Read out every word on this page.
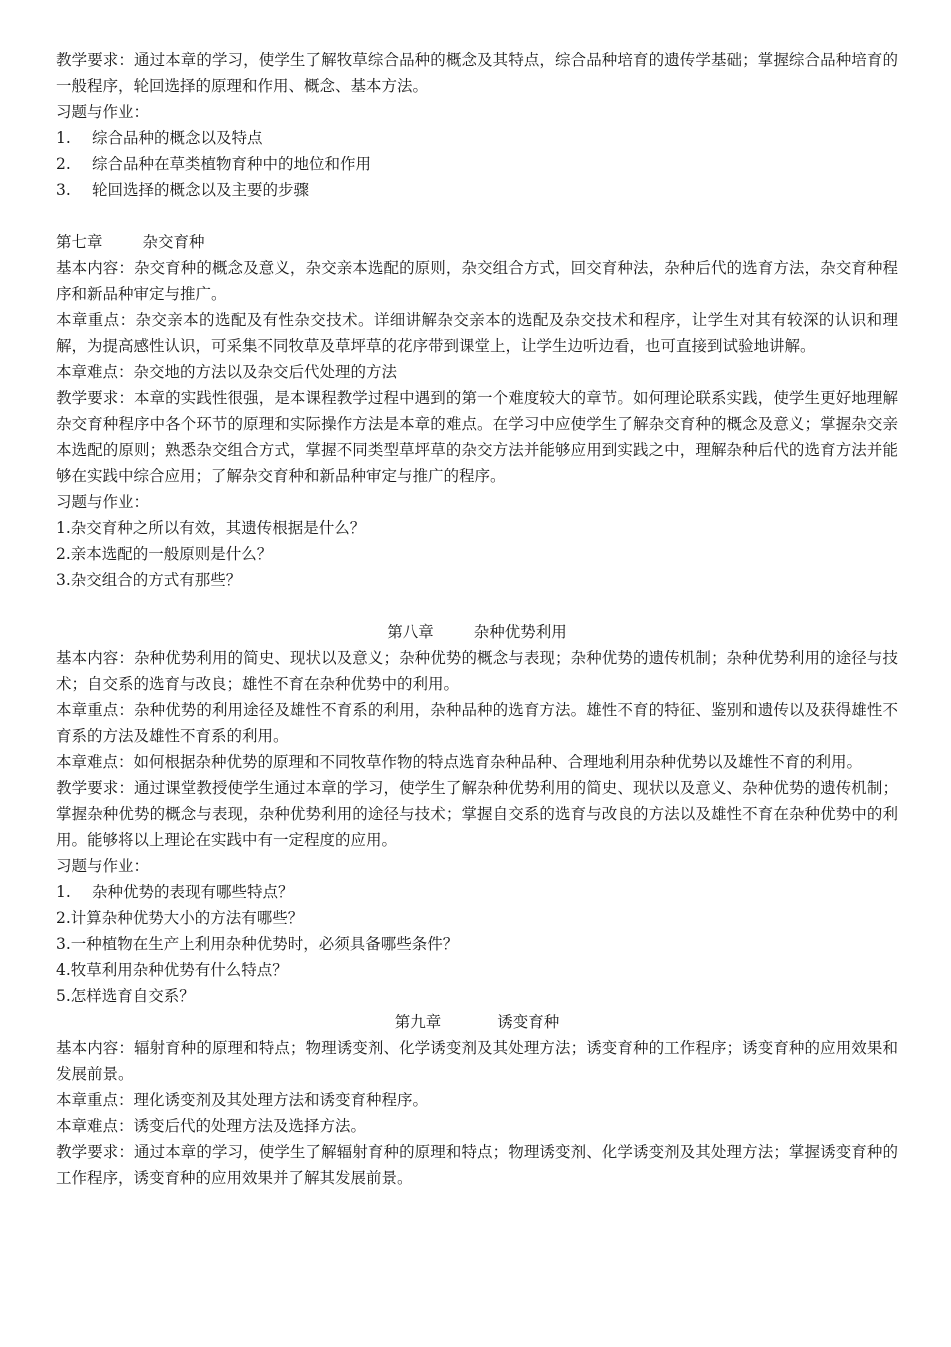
教学要求：通过本章的学习，使学生了解牧草综合品种的概念及其特点，综合品种培育的遗传学基础；掌握综合品种培育的一般程序，轮回选择的原理和作用、概念、基本方法。

习题与作业：

1. 综合品种的概念以及特点

2. 综合品种在草类植物育种中的地位和作用

3. 轮回选择的概念以及主要的步骤

第七章	杂交育种

基本内容：杂交育种的概念及意义，杂交亲本选配的原则，杂交组合方式，回交育种法，杂种后代的选育方法，杂交育种程序和新品种审定与推广。

本章重点：杂交亲本的选配及有性杂交技术。详细讲解杂交亲本的选配及杂交技术和程序，让学生对其有较深的认识和理解，为提高感性认识，可采集不同牧草及草坪草的花序带到课堂上，让学生边听边看，也可直接到试验地讲解。

本章难点：杂交地的方法以及杂交后代处理的方法

教学要求：本章的实践性很强，是本课程教学过程中遇到的第一个难度较大的章节。如何理论联系实践，使学生更好地理解杂交育种程序中各个环节的原理和实际操作方法是本章的难点。在学习中应使学生了解杂交育种的概念及意义；掌握杂交亲本选配的原则；熟悉杂交组合方式，掌握不同类型草坪草的杂交方法并能够应用到实践之中，理解杂种后代的选育方法并能够在实践中综合应用；了解杂交育种和新品种审定与推广的程序。

习题与作业：

1.杂交育种之所以有效，其遗传根据是什么？

2.亲本选配的一般原则是什么？

3.杂交组合的方式有那些？

第八章	杂种优势利用

基本内容：杂种优势利用的简史、现状以及意义；杂种优势的概念与表现；杂种优势的遗传机制；杂种优势利用的途径与技术；自交系的选育与改良；雄性不育在杂种优势中的利用。

本章重点：杂种优势的利用途径及雄性不育系的利用，杂种品种的选育方法。雄性不育的特征、鉴别和遗传以及获得雄性不育系的方法及雄性不育系的利用。

本章难点：如何根据杂种优势的原理和不同牧草作物的特点选育杂种品种、合理地利用杂种优势以及雄性不育的利用。

教学要求：通过课堂教授使学生通过本章的学习，使学生了解杂种优势利用的简史、现状以及意义、杂种优势的遗传机制；掌握杂种优势的概念与表现，杂种优势利用的途径与技术；掌握自交系的选育与改良的方法以及雄性不育在杂种优势中的利用。能够将以上理论在实践中有一定程度的应用。

习题与作业：

1. 杂种优势的表现有哪些特点？

2.计算杂种优势大小的方法有哪些？

3.一种植物在生产上利用杂种优势时，必须具备哪些条件？

4.牧草利用杂种优势有什么特点？

5.怎样选育自交系？

第九章	诱变育种

基本内容：辐射育种的原理和特点；物理诱变剂、化学诱变剂及其处理方法；诱变育种的工作程序；诱变育种的应用效果和发展前景。

本章重点：理化诱变剂及其处理方法和诱变育种程序。

本章难点：诱变后代的处理方法及选择方法。

教学要求：通过本章的学习，使学生了解辐射育种的原理和特点；物理诱变剂、化学诱变剂及其处理方法；掌握诱变育种的工作程序，诱变育种的应用效果并了解其发展前景。
